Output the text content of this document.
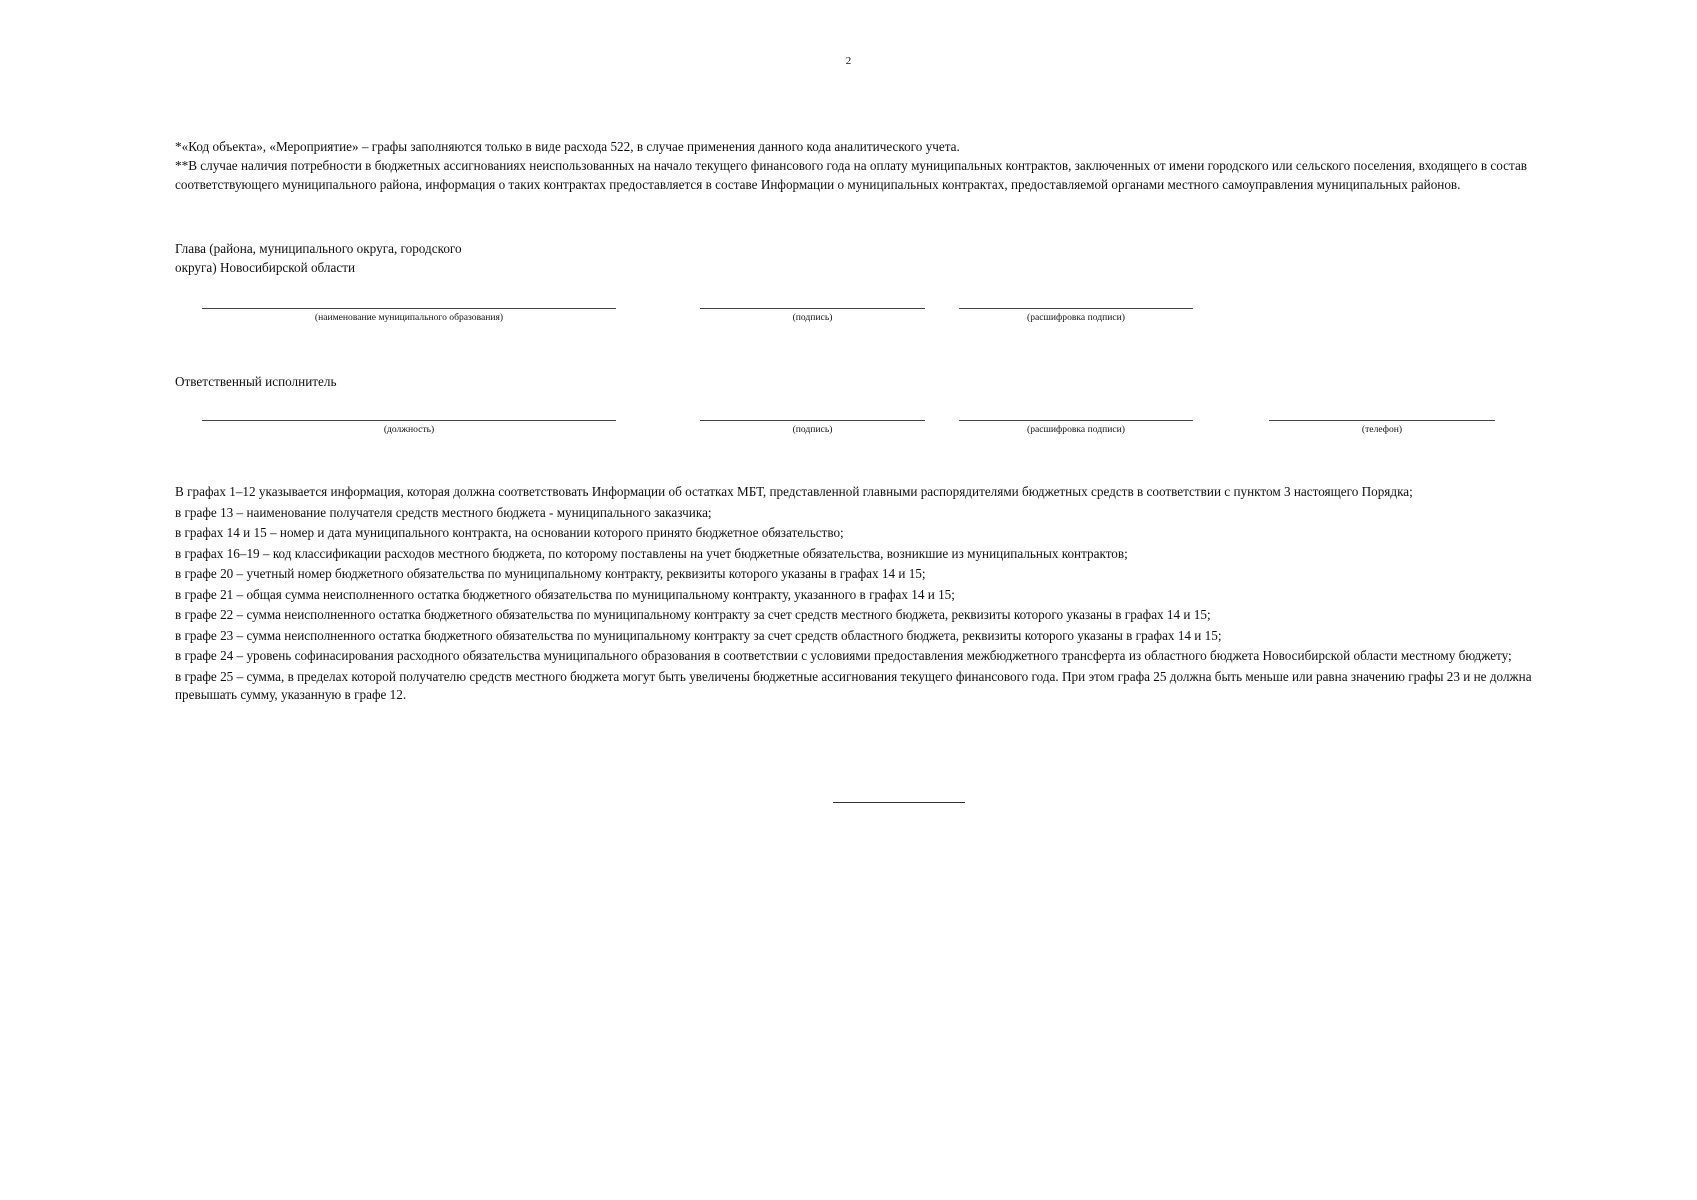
2

*«Код объекта», «Мероприятие» – графы заполняются только в виде расхода 522, в случае применения данного кода аналитического учета.

**В случае наличия потребности в бюджетных ассигнованиях неиспользованных на начало текущего финансового года на оплату муниципальных контрактов, заключенных от имени городского или сельского поселения, входящего в состав соответствующего муниципального района, информация о таких контрактах предоставляется в составе Информации о муниципальных контрактах, предоставляемой органами местного самоуправления муниципальных районов.

Глава (района, муниципального округа, городского
округа) Новосибирской области
(наименование муниципального образования)	(подпись)	(расшифровка подписи)
Ответственный исполнитель
(должность)	(подпись)	(расшифровка подписи)	(телефон)

В графах 1–12 указывается информация, которая должна соответствовать Информации об остатках МБТ, представленной главными распорядителями бюджетных средств в соответствии с пунктом 3 настоящего Порядка;

в графе 13 – наименование получателя средств местного бюджета - муниципального заказчика;

в графах 14 и 15 – номер и дата муниципального контракта, на основании которого принято бюджетное обязательство;

в графах 16–19 – код классификации расходов местного бюджета, по которому поставлены на учет бюджетные обязательства, возникшие из муниципальных контрактов;

в графе 20 – учетный номер бюджетного обязательства по муниципальному контракту, реквизиты которого указаны в графах 14 и 15;

в графе 21 – общая сумма неисполненного остатка бюджетного обязательства по муниципальному контракту, указанного в графах 14 и 15;

в графе 22 – сумма неисполненного остатка бюджетного обязательства по муниципальному контракту за счет средств местного бюджета, реквизиты которого указаны в графах 14 и 15;

в графе 23 – сумма неисполненного остатка бюджетного обязательства по муниципальному контракту за счет средств областного бюджета, реквизиты которого указаны в графах 14 и 15;

в графе 24 – уровень софинасирования расходного обязательства муниципального образования в соответствии с условиями предоставления межбюджетного трансферта из областного бюджета Новосибирской области местному бюджету;

в графе 25 – сумма, в пределах которой получателю средств местного бюджета могут быть увеличены бюджетные ассигнования текущего финансового года. При этом графа 25 должна быть меньше или равна значению графы 23 и не должна превышать сумму, указанную в графе 12.
